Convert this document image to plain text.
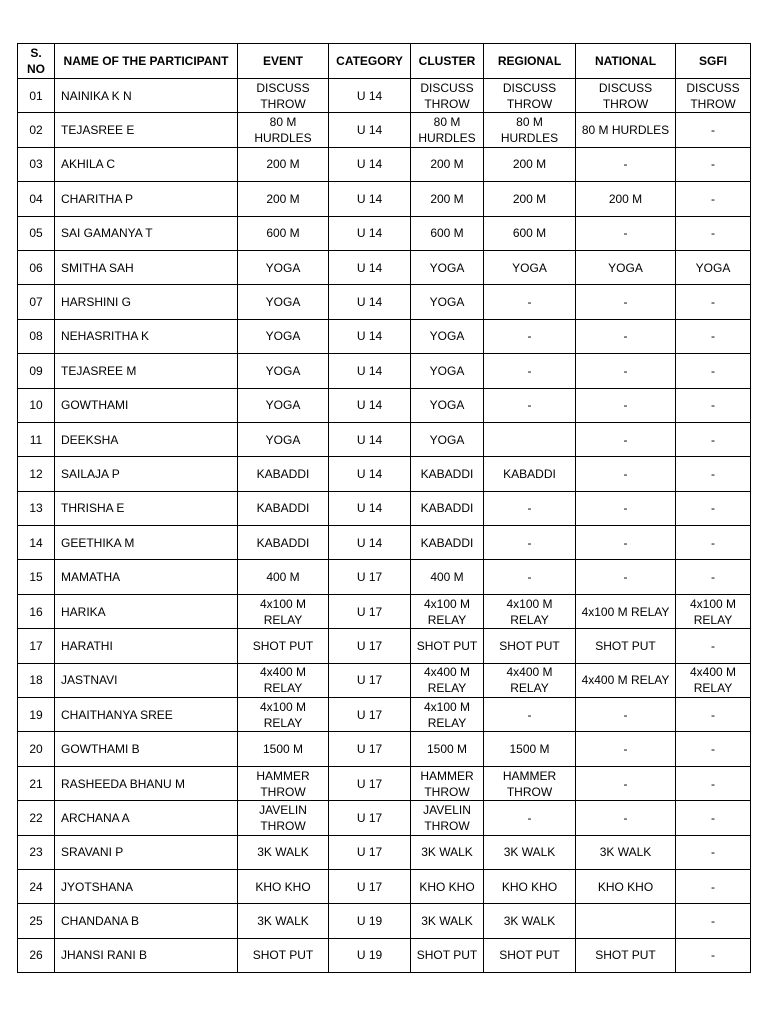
S. NO	NAME OF THE PARTICIPANT	EVENT	CATEGORY	CLUSTER	REGIONAL	NATIONAL	SGFI
01	NAINIKA K N	DISCUSS THROW	U 14	DISCUSS THROW	DISCUSS THROW	DISCUSS THROW	DISCUSS THROW
02	TEJASREE E	80 M HURDLES	U 14	80 M HURDLES	80 M HURDLES	80 M HURDLES	-
03	AKHILA C	200 M	U 14	200 M	200 M	-	-
04	CHARITHA P	200 M	U 14	200 M	200 M	200 M	-
05	SAI GAMANYA T	600 M	U 14	600 M	600 M	-	-
06	SMITHA SAH	YOGA	U 14	YOGA	YOGA	YOGA	YOGA
07	HARSHINI G	YOGA	U 14	YOGA	-	-	-
08	NEHASRITHA K	YOGA	U 14	YOGA	-	-	-
09	TEJASREE M	YOGA	U 14	YOGA	-	-	-
10	GOWTHAMI	YOGA	U 14	YOGA	-	-	-
11	DEEKSHA	YOGA	U 14	YOGA		-	-
12	SAILAJA P	KABADDI	U 14	KABADDI	KABADDI	-	-
13	THRISHA E	KABADDI	U 14	KABADDI	-	-	-
14	GEETHIKA M	KABADDI	U 14	KABADDI	-	-	-
15	MAMATHA	400 M	U 17	400 M	-	-	-
16	HARIKA	4x100 M RELAY	U 17	4x100 M RELAY	4x100 M RELAY	4x100 M RELAY	4x100 M RELAY
17	HARATHI	SHOT PUT	U 17	SHOT PUT	SHOT PUT	SHOT PUT	-
18	JASTNAVI	4x400 M RELAY	U 17	4x400 M RELAY	4x400 M RELAY	4x400 M RELAY	4x400 M RELAY
19	CHAITHANYA SREE	4x100 M RELAY	U 17	4x100 M RELAY	-	-	-
20	GOWTHAMI B	1500 M	U 17	1500 M	1500 M	-	-
21	RASHEEDA BHANU M	HAMMER THROW	U 17	HAMMER THROW	HAMMER THROW	-	-
22	ARCHANA A	JAVELIN THROW	U 17	JAVELIN THROW	-	-	-
23	SRAVANI P	3K WALK	U 17	3K WALK	3K WALK	3K WALK	-
24	JYOTSHANA	KHO KHO	U 17	KHO KHO	KHO KHO	KHO KHO	-
25	CHANDANA B	3K WALK	U 19	3K WALK	3K WALK		-
26	JHANSI RANI B	SHOT PUT	U 19	SHOT PUT	SHOT PUT	SHOT PUT	-
